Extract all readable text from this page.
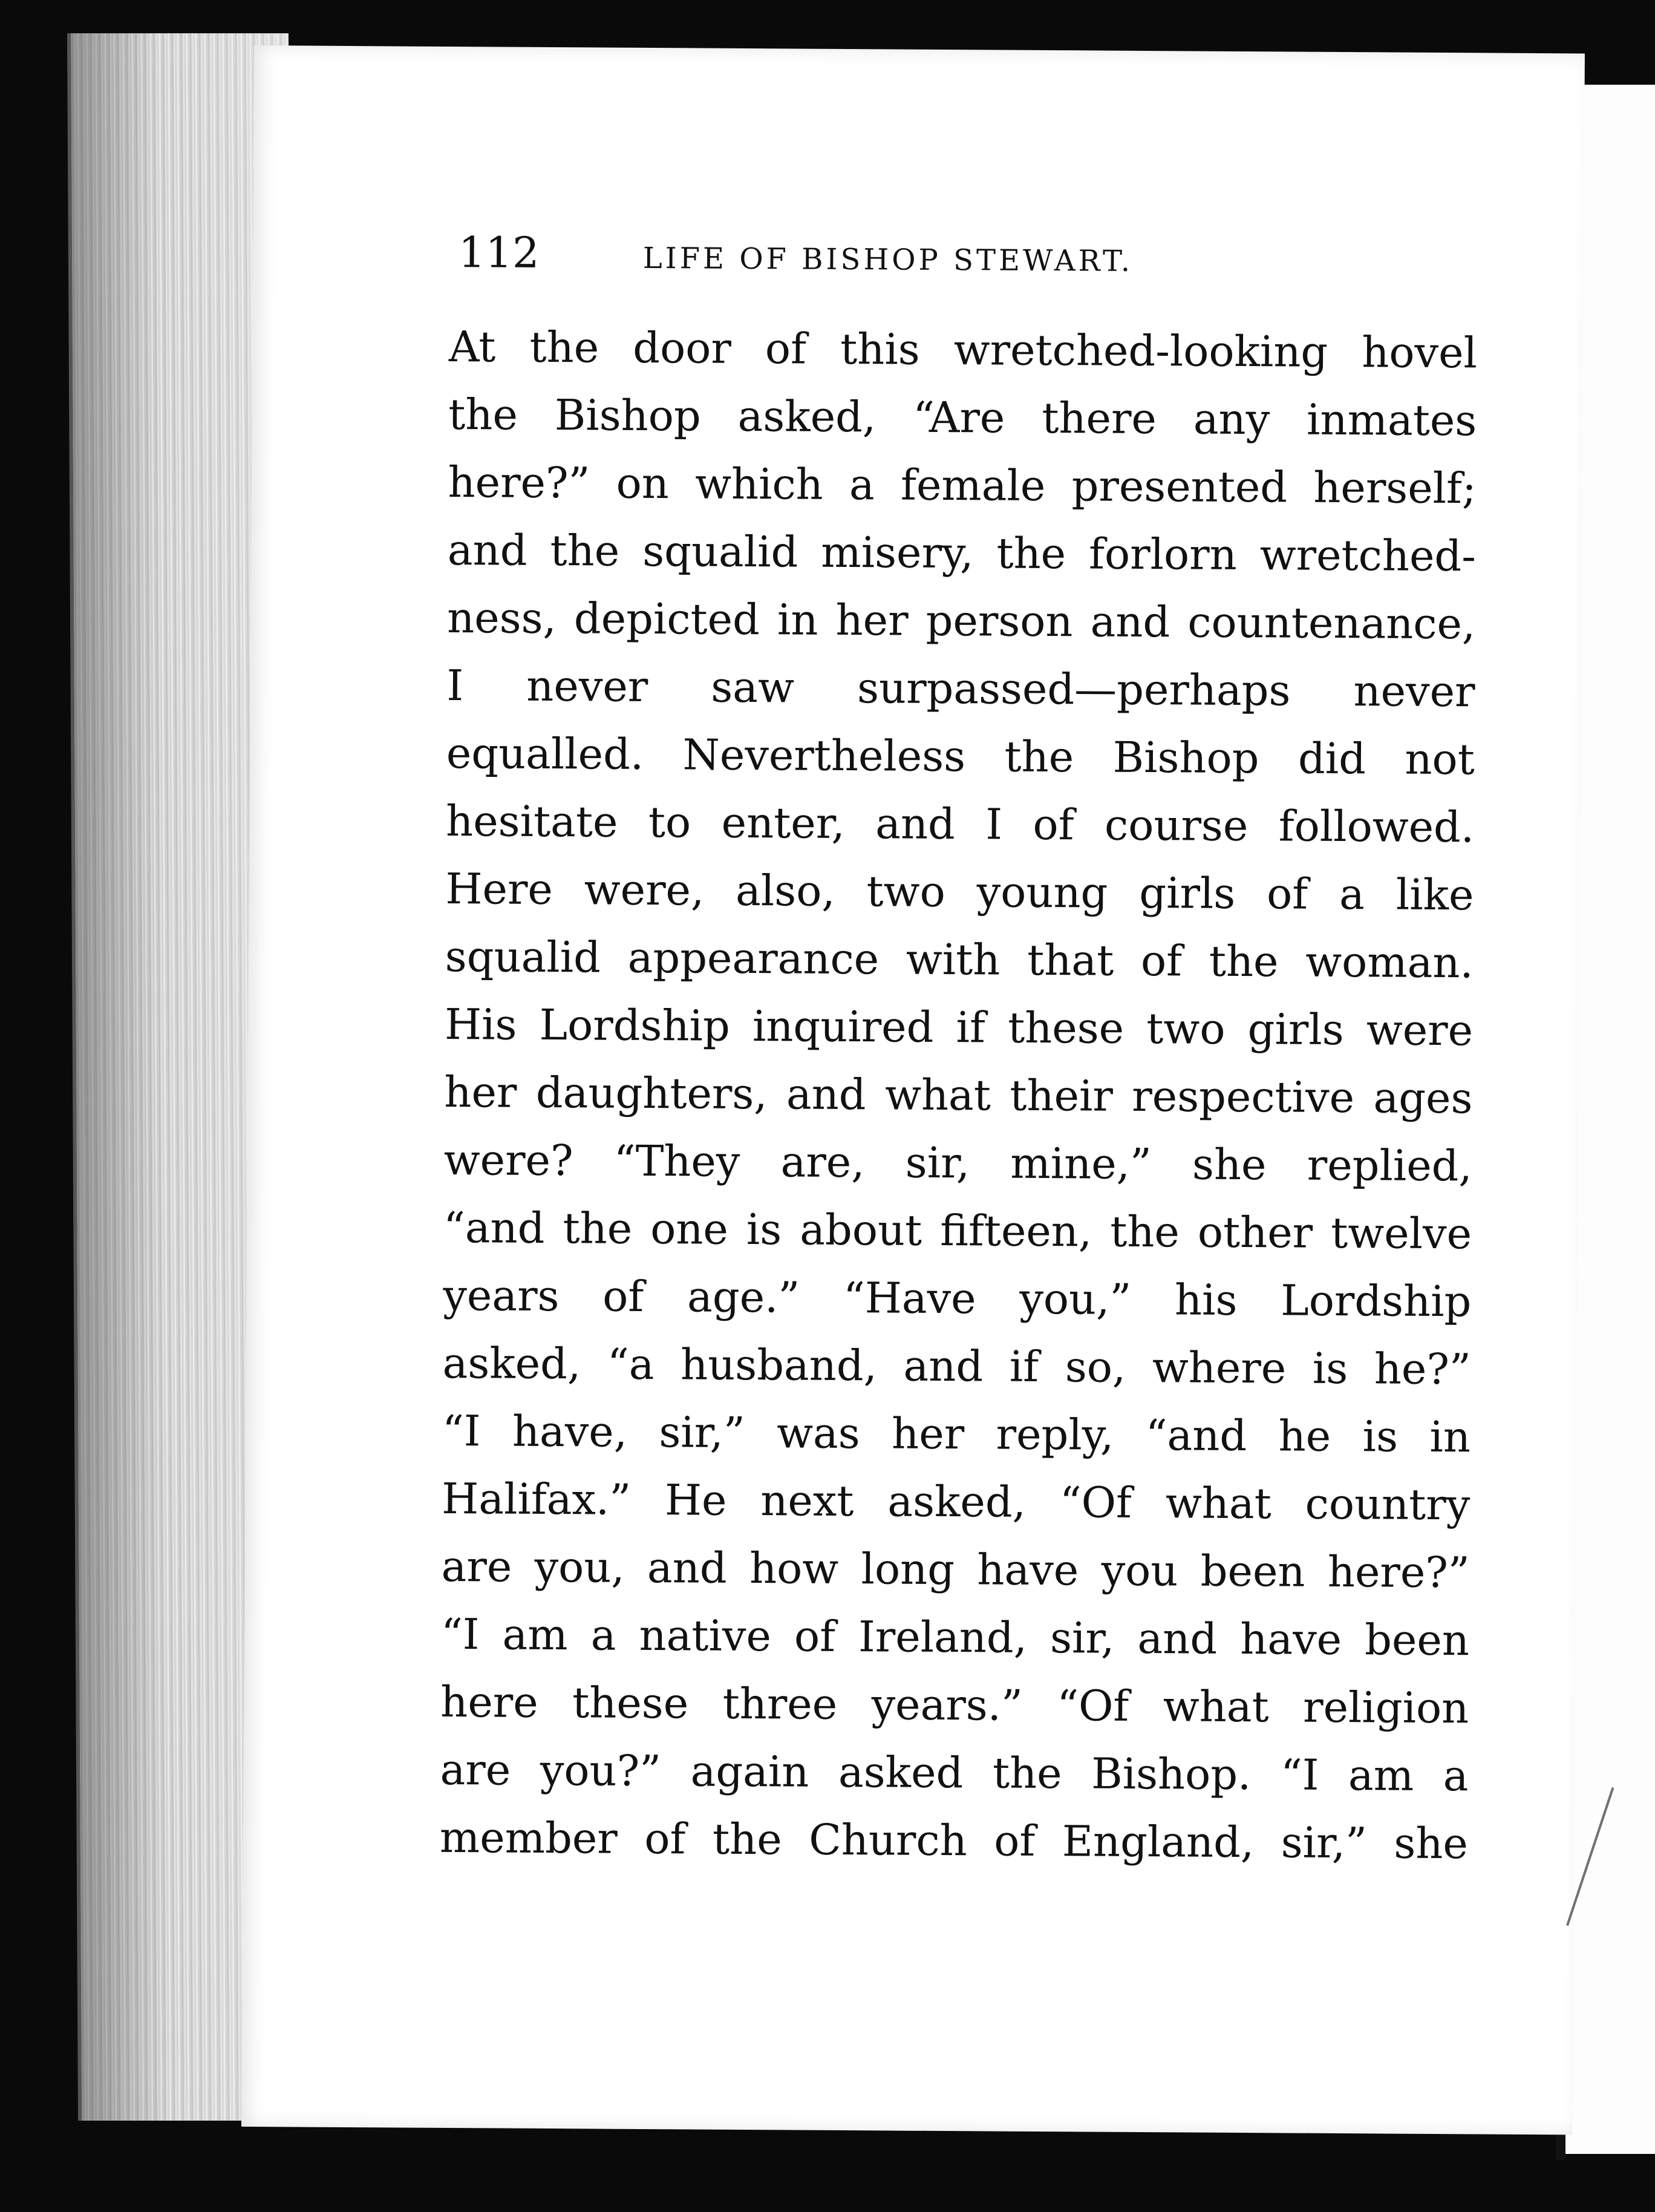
112	LIFE OF BISHOP STEWART.
At the door of this wretched-looking hovel
the Bishop asked, “Are there any inmates
here?” on which a female presented herself;
and the squalid misery, the forlorn wretched-
ness, depicted in her person and countenance,
I never saw surpassed—perhaps never
equalled. Nevertheless the Bishop did not
hesitate to enter, and I of course followed.
Here were, also, two young girls of a like
squalid appearance with that of the woman.
His Lordship inquired if these two girls were
her daughters, and what their respective ages
were? “They are, sir, mine,” she replied,
“and the one is about fifteen, the other twelve
years of age.” “Have you,” his Lordship
asked, “a husband, and if so, where is he?”
“I have, sir,” was her reply, “and he is in
Halifax.” He next asked, “Of what country
are you, and how long have you been here?”
“I am a native of Ireland, sir, and have been
here these three years.” “Of what religion
are you?” again asked the Bishop. “I am a
member of the Church of England, sir,” she
